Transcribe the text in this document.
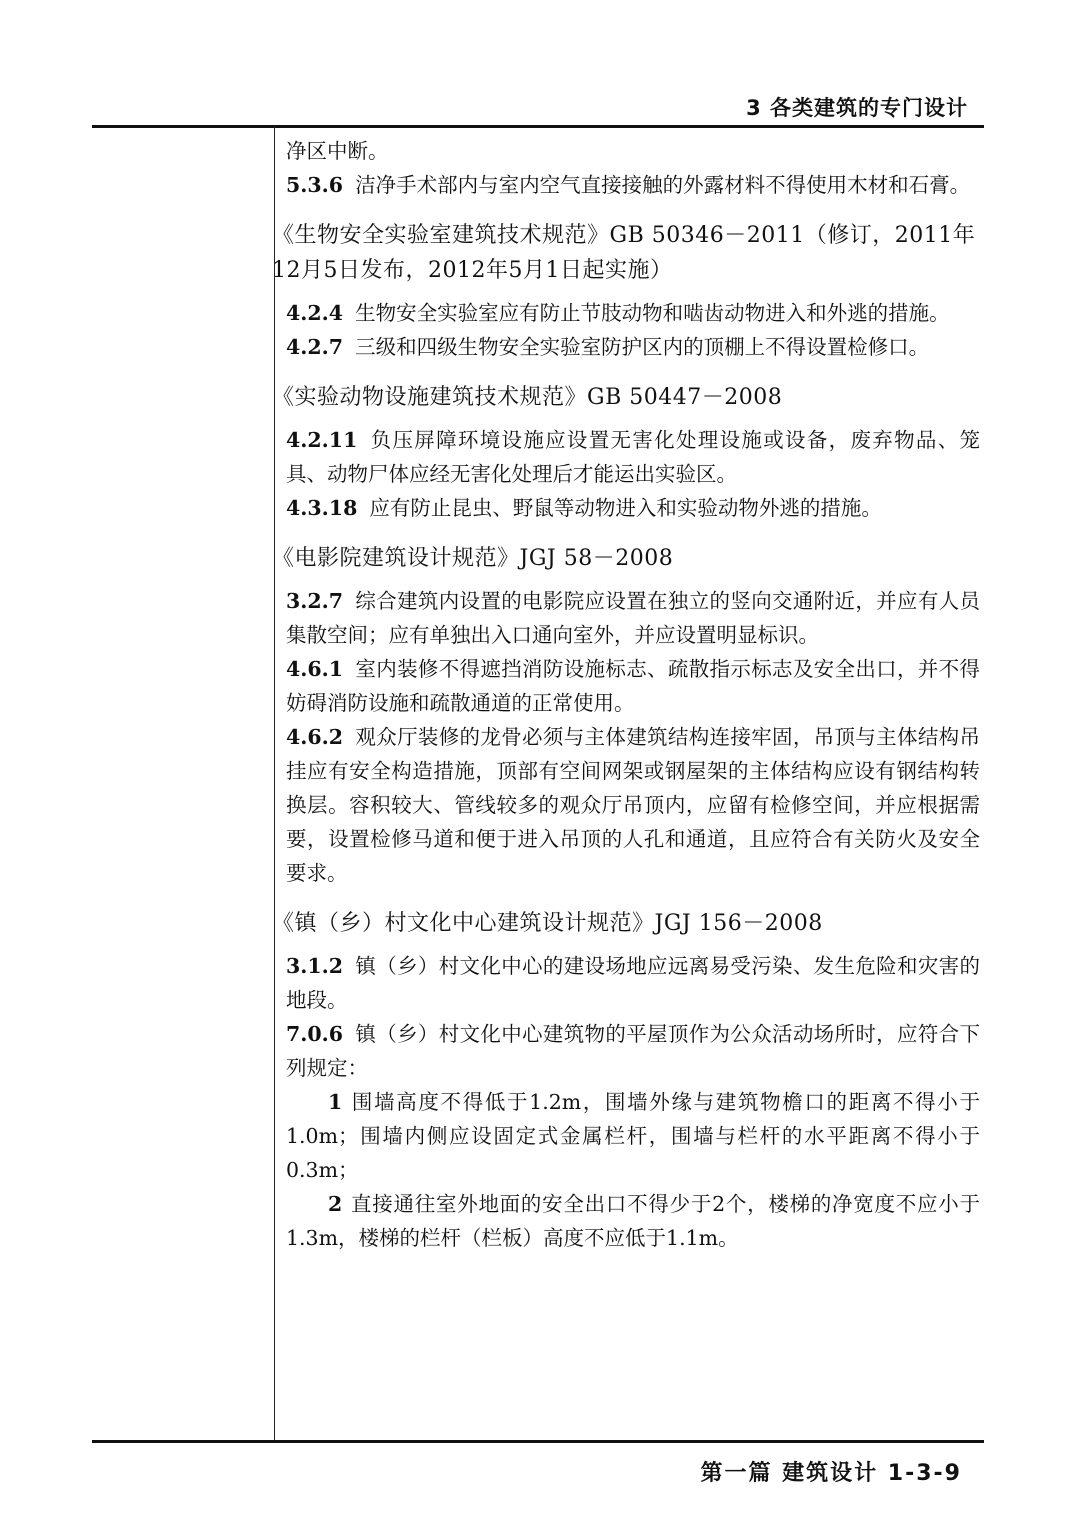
3 各类建筑的专门设计

净区中断。

5.3.6 洁净手术部内与室内空气直接接触的外露材料不得使用木材和石膏。

《生物安全实验室建筑技术规范》GB 50346－2011（修订，2011年12月5日发布，2012年5月1日起实施）

4.2.4 生物安全实验室应有防止节肢动物和啮齿动物进入和外逃的措施。

4.2.7 三级和四级生物安全实验室防护区内的顶棚上不得设置检修口。

《实验动物设施建筑技术规范》GB 50447－2008

4.2.11 负压屏障环境设施应设置无害化处理设施或设备，废弃物品、笼具、动物尸体应经无害化处理后才能运出实验区。

4.3.18 应有防止昆虫、野鼠等动物进入和实验动物外逃的措施。

《电影院建筑设计规范》JGJ 58－2008

3.2.7 综合建筑内设置的电影院应设置在独立的竖向交通附近，并应有人员集散空间；应有单独出入口通向室外，并应设置明显标识。

4.6.1 室内装修不得遮挡消防设施标志、疏散指示标志及安全出口，并不得妨碍消防设施和疏散通道的正常使用。

4.6.2 观众厅装修的龙骨必须与主体建筑结构连接牢固，吊顶与主体结构吊挂应有安全构造措施，顶部有空间网架或钢屋架的主体结构应设有钢结构转换层。容积较大、管线较多的观众厅吊顶内，应留有检修空间，并应根据需要，设置检修马道和便于进入吊顶的人孔和通道，且应符合有关防火及安全要求。

《镇（乡）村文化中心建筑设计规范》JGJ 156－2008

3.1.2 镇（乡）村文化中心的建设场地应远离易受污染、发生危险和灾害的地段。

7.0.6 镇（乡）村文化中心建筑物的平屋顶作为公众活动场所时，应符合下列规定：

1 围墙高度不得低于1.2m，围墙外缘与建筑物檐口的距离不得小于1.0m；围墙内侧应设固定式金属栏杆，围墙与栏杆的水平距离不得小于0.3m；

2 直接通往室外地面的安全出口不得少于2个，楼梯的净宽度不应小于1.3m，楼梯的栏杆（栏板）高度不应低于1.1m。

第一篇 建筑设计 1-3-9
